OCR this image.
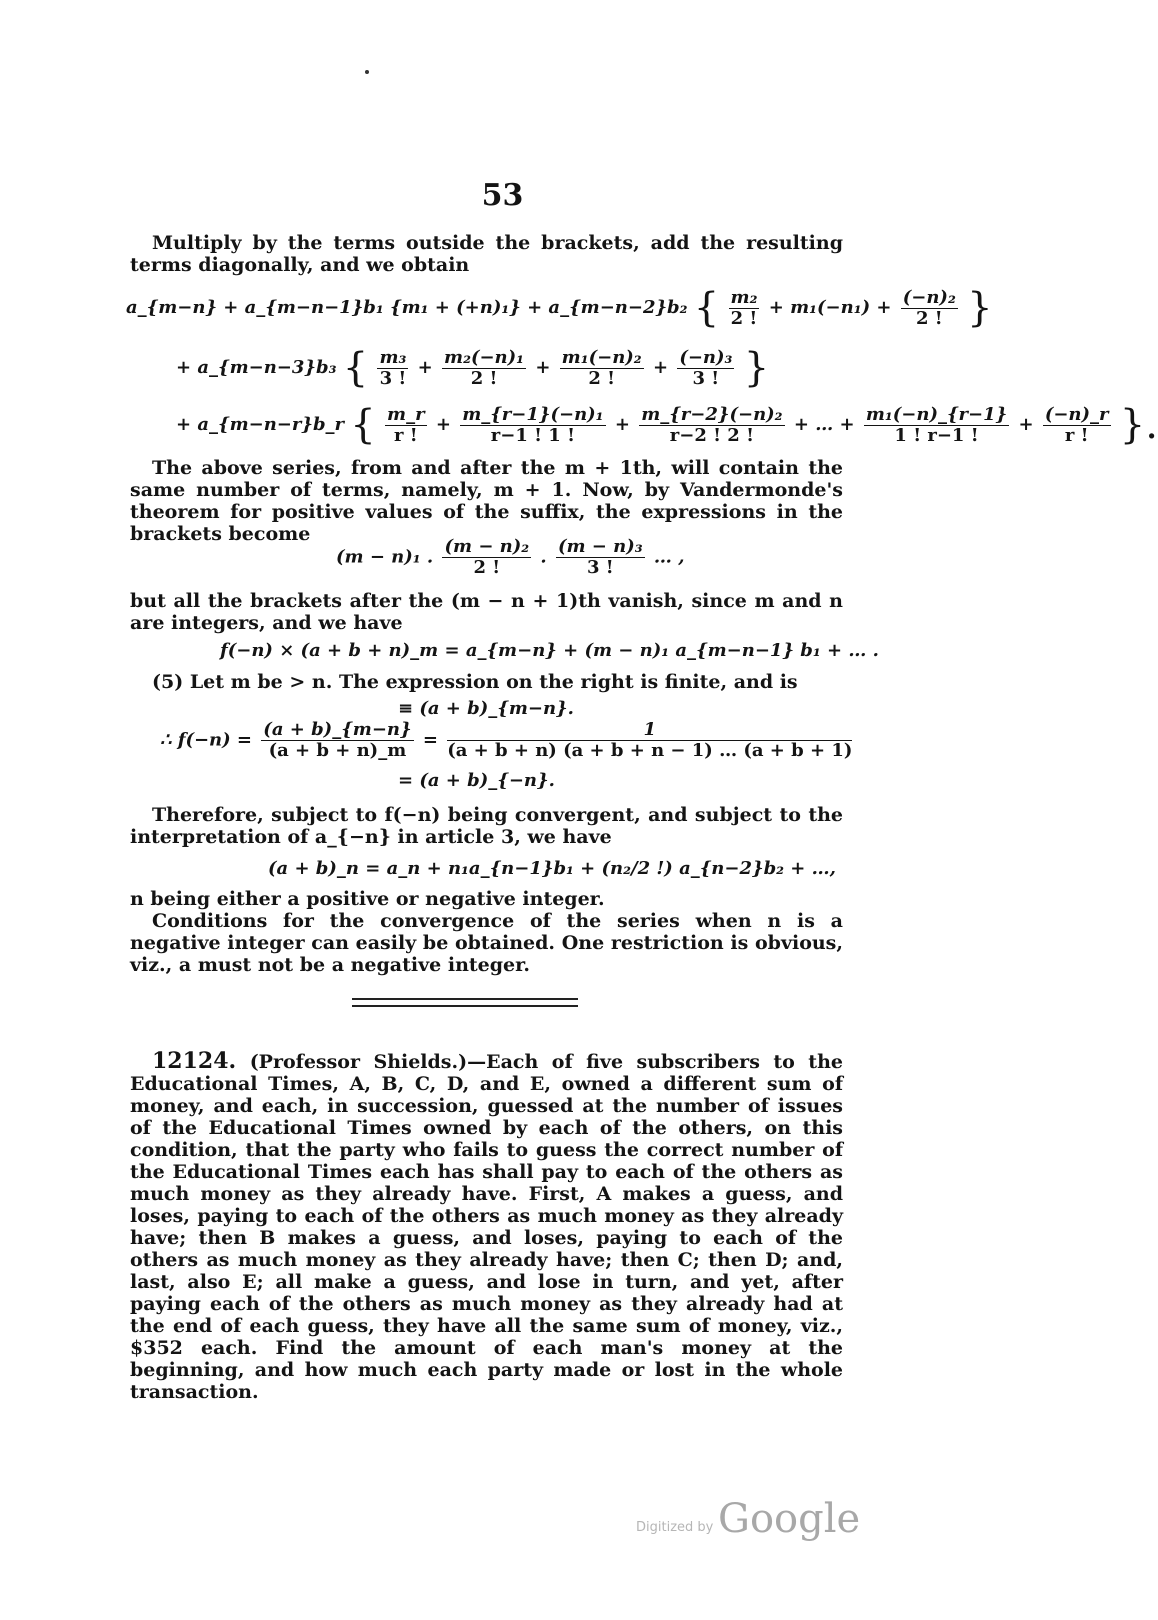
53

Multiply by the terms outside the brackets, add the resulting terms diagonally, and we obtain

a_{m−n} + a_{m−n−1}b₁ {m₁ + (+n)₁} + a_{m−n−2}b₂ { $\frac{\text{m₂}}{2 !} + m_1(-n_1) + \frac{\text{(−n)₂}}{2 !}$ }
+ a_{m−n−3}b₃ { $\frac{\text{m₃}}{3 !} + \frac{\text{m₂(−n)₁}}{2 !} + \frac{\text{m₁(−n)₂}}{2 !} + \frac{\text{(−n)₃}}{3 !}$ }
+ a_{m−n−r}b_r { $\frac{m\_r}{r !} + \frac{\text{m\_\{r−1\}(−n)₁}}{r-1 ! 1 !} + \frac{\text{m\_\{r−2\}(−n)₂}}{r-2 ! 2 !}$ + … + $\frac{\text{m₁(−n)\_\{r−1\}}}{1 ! r-1 !} + \frac{(-n)\_r}{r !}$ }.

The above series, from and after the m + 1th, will contain the same number of terms, namely, m + 1. Now, by Vandermonde's theorem for positive values of the suffix, the expressions in the brackets become

(m − n)₁ . $\frac{\text{(m − n)₂}}{2 !}$ . $\frac{\text{(m − n)₃}}{3 !}$ … ,

but all the brackets after the (m − n + 1)th vanish, since m and n are integers, and we have

f(−n) × (a + b + n)_m = a_{m−n} + (m − n)₁ a_{m−n−1} b₁ + … .

(5) Let m be > n. The expression on the right is finite, and is

≡ (a + b)_{m−n}.
∴ $f(-n) = \frac{(a + b)\_\{m-n\}}{(a + b + n)\_m} = \frac{1}{(a + b + n) (a + b + n - 1) \dots (a + b + 1)}$
= (a + b)_{−n}.

Therefore, subject to f(−n) being convergent, and subject to the interpretation of a_{−n} in article 3, we have

(a + b)_n = a_n + n₁a_{n−1}b₁ + (n₂/2 !) a_{n−2}b₂ + …,

n being either a positive or negative integer.

Conditions for the convergence of the series when n is a negative integer can easily be obtained. One restriction is obvious, viz., a must not be a negative integer.

12124. (Professor Shields.)—Each of five subscribers to the Educational Times, A, B, C, D, and E, owned a different sum of money, and each, in succession, guessed at the number of issues of the Educational Times owned by each of the others, on this condition, that the party who fails to guess the correct number of the Educational Times each has shall pay to each of the others as much money as they already have. First, A makes a guess, and loses, paying to each of the others as much money as they already have; then B makes a guess, and loses, paying to each of the others as much money as they already have; then C; then D; and, last, also E; all make a guess, and lose in turn, and yet, after paying each of the others as much money as they already had at the end of each guess, they have all the same sum of money, viz., $352 each. Find the amount of each man's money at the beginning, and how much each party made or lost in the whole transaction.

Digitized by Google
